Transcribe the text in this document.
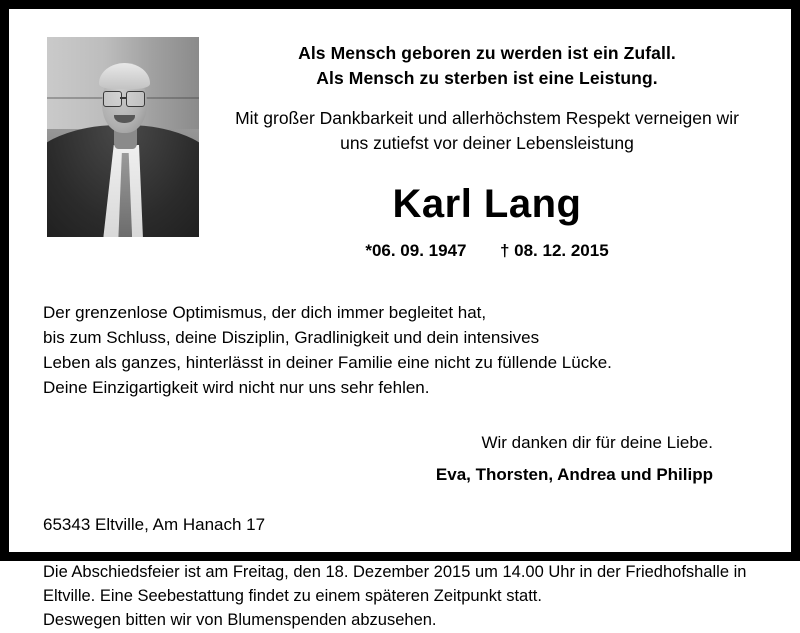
Als Mensch geboren zu werden ist ein Zufall.
Als Mensch zu sterben ist eine Leistung.
Mit großer Dankbarkeit und allerhöchstem Respekt verneigen wir
uns zutiefst vor deiner Lebensleistung
Karl Lang
*06. 09. 1947 † 08. 12. 2015
Der grenzenlose Optimismus, der dich immer begleitet hat,
bis zum Schluss, deine Disziplin, Gradlinigkeit und dein intensives
Leben als ganzes, hinterlässt in deiner Familie eine nicht zu füllende Lücke.
Deine Einzigartigkeit wird nicht nur uns sehr fehlen.
Wir danken dir für deine Liebe.
Eva, Thorsten, Andrea und Philipp
65343 Eltville, Am Hanach 17
Die Abschiedsfeier ist am Freitag, den 18. Dezember 2015 um 14.00 Uhr in der Friedhofshalle in
Eltville. Eine Seebestattung findet zu einem späteren Zeitpunkt statt.
Deswegen bitten wir von Blumenspenden abzusehen.
